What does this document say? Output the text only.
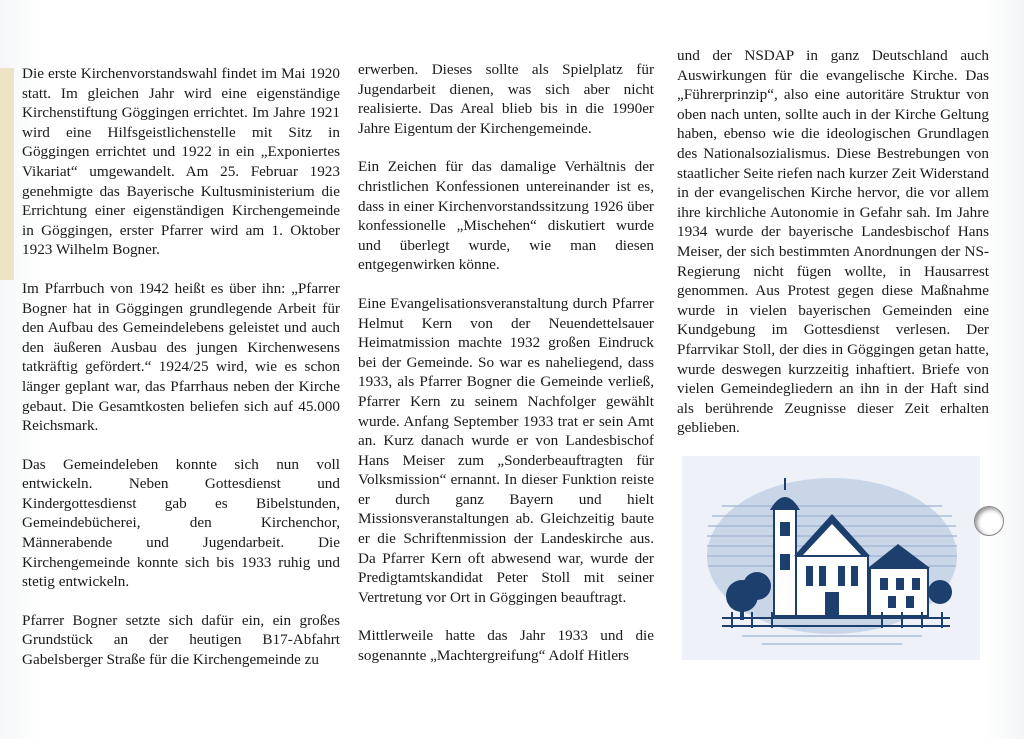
Die erste Kirchenvorstandswahl findet im Mai 1920 statt. Im gleichen Jahr wird eine eigenständige Kirchenstiftung Göggingen errichtet. Im Jahre 1921 wird eine Hilfsgeistlichenstelle mit Sitz in Göggingen errichtet und 1922 in ein „Exponiertes Vikariat“ umgewandelt. Am 25. Februar 1923 genehmigte das Bayerische Kultusministerium die Errichtung einer eigenständigen Kirchengemeinde in Göggingen, erster Pfarrer wird am 1. Oktober 1923 Wilhelm Bogner.

Im Pfarrbuch von 1942 heißt es über ihn: „Pfarrer Bogner hat in Göggingen grundlegende Arbeit für den Aufbau des Gemeindelebens geleistet und auch den äußeren Ausbau des jungen Kirchenwesens tatkräftig gefördert.“ 1924/25 wird, wie es schon länger geplant war, das Pfarrhaus neben der Kirche gebaut. Die Gesamtkosten beliefen sich auf 45.000 Reichsmark.

Das Gemeindeleben konnte sich nun voll entwickeln. Neben Gottesdienst und Kindergottesdienst gab es Bibelstunden, Gemeindebücherei, den Kirchenchor, Männerabende und Jugendarbeit. Die Kirchengemeinde konnte sich bis 1933 ruhig und stetig entwickeln.

Pfarrer Bogner setzte sich dafür ein, ein großes Grundstück an der heutigen B17-Abfahrt Gabelsberger Straße für die Kirchengemeinde zu

erwerben. Dieses sollte als Spielplatz für Jugendarbeit dienen, was sich aber nicht realisierte. Das Areal blieb bis in die 1990er Jahre Eigentum der Kirchengemeinde.

Ein Zeichen für das damalige Verhältnis der christlichen Konfessionen untereinander ist es, dass in einer Kirchenvorstandssitzung 1926 über konfessionelle „Mischehen“ diskutiert wurde und überlegt wurde, wie man diesen entgegenwirken könne.

Eine Evangelisationsveranstaltung durch Pfarrer Helmut Kern von der Neuendettelsauer Heimatmission machte 1932 großen Eindruck bei der Gemeinde. So war es naheliegend, dass 1933, als Pfarrer Bogner die Gemeinde verließ, Pfarrer Kern zu seinem Nachfolger gewählt wurde. Anfang September 1933 trat er sein Amt an. Kurz danach wurde er von Landesbischof Hans Meiser zum „Sonderbeauftragten für Volksmission“ ernannt. In dieser Funktion reiste er durch ganz Bayern und hielt Missionsveranstaltungen ab. Gleichzeitig baute er die Schriftenmission der Landeskirche aus. Da Pfarrer Kern oft abwesend war, wurde der Predigtamtskandidat Peter Stoll mit seiner Vertretung vor Ort in Göggingen beauftragt.

Mittlerweile hatte das Jahr 1933 und die sogenannte „Machtergreifung“ Adolf Hitlers

und der NSDAP in ganz Deutschland auch Auswirkungen für die evangelische Kirche. Das „Führerprinzip“, also eine autoritäre Struktur von oben nach unten, sollte auch in der Kirche Geltung haben, ebenso wie die ideologischen Grundlagen des Nationalsozialismus. Diese Bestrebungen von staatlicher Seite riefen nach kurzer Zeit Widerstand in der evangelischen Kirche hervor, die vor allem ihre kirchliche Autonomie in Gefahr sah. Im Jahre 1934 wurde der bayerische Landesbischof Hans Meiser, der sich bestimmten Anordnungen der NS-Regierung nicht fügen wollte, in Hausarrest genommen. Aus Protest gegen diese Maßnahme wurde in vielen bayerischen Gemeinden eine Kundgebung im Gottesdienst verlesen. Der Pfarrvikar Stoll, der dies in Göggingen getan hatte, wurde deswegen kurzzeitig inhaftiert. Briefe von vielen Gemeindegliedern an ihn in der Haft sind als berührende Zeugnisse dieser Zeit erhalten geblieben.
